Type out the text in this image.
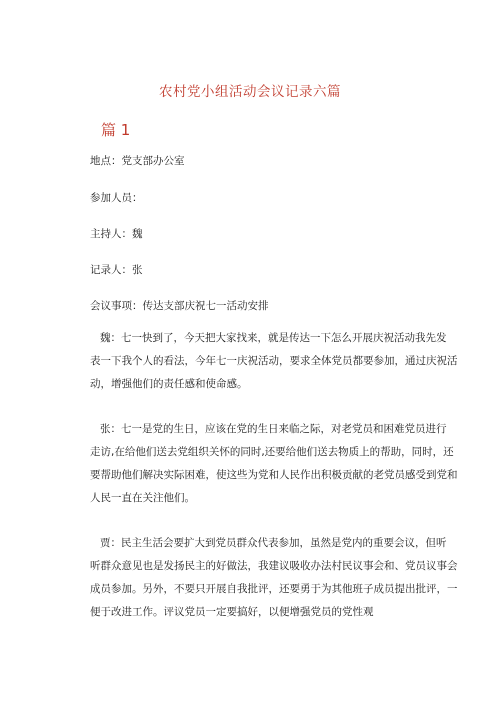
农村党小组活动会议记录六篇
篇 1
地点：党支部办公室
参加人员：
主持人：魏
记录人：张
会议事项：传达支部庆祝七一活动安排

魏：七一快到了，今天把大家找来，就是传达一下怎么开展庆祝活动我先发
表一下我个人的看法，今年七一庆祝活动，要求全体党员都要参加，通过庆祝活
动，增强他们的责任感和使命感。

张：七一是党的生日，应该在党的生日来临之际，对老党员和困难党员进行
走访,在给他们送去党组织关怀的同时,还要给他们送去物质上的帮助，同时，还
要帮助他们解决实际困难，使这些为党和人民作出积极贡献的老党员感受到党和
人民一直在关注他们。

贾：民主生活会要扩大到党员群众代表参加，虽然是党内的重要会议，但听
听群众意见也是发扬民主的好做法，我建议吸收办法村民议事会和、党员议事会
成员参加。另外，不要只开展自我批评，还要勇于为其他班子成员提出批评，一
便于改进工作。评议党员一定要搞好，以便增强党员的党性观
